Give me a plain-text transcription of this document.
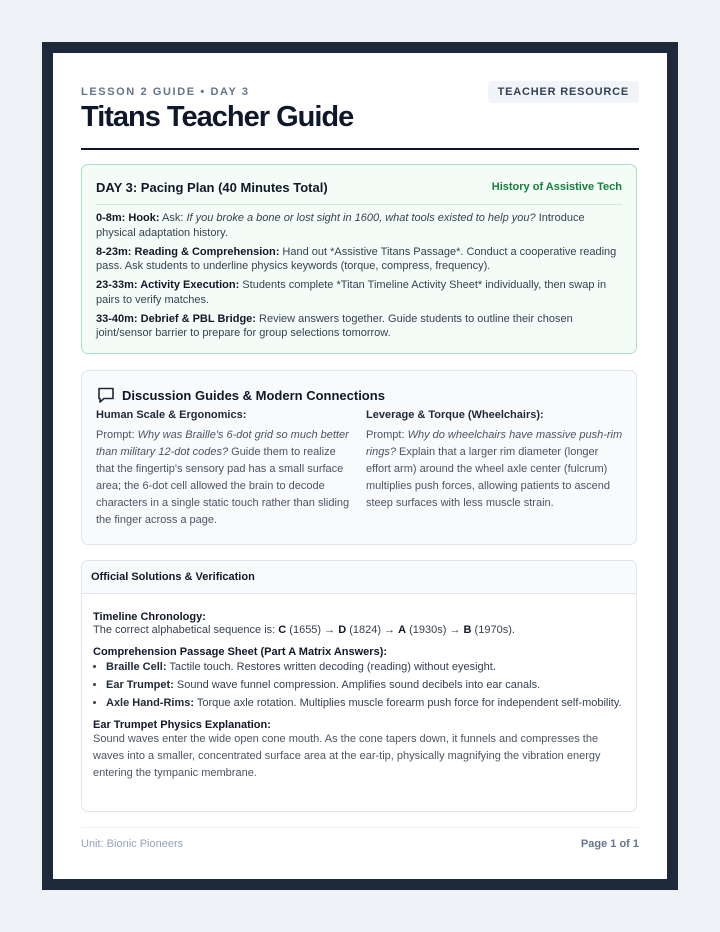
LESSON 2 GUIDE • DAY 3	TEACHER RESOURCE
Titans Teacher Guide
DAY 3: Pacing Plan (40 Minutes Total)	History of Assistive Tech
0-8m: Hook: Ask: If you broke a bone or lost sight in 1600, what tools existed to help you? Introduce physical adaptation history.
8-23m: Reading & Comprehension: Hand out *Assistive Titans Passage*. Conduct a cooperative reading pass. Ask students to underline physics keywords (torque, compress, frequency).
23-33m: Activity Execution: Students complete *Titan Timeline Activity Sheet* individually, then swap in pairs to verify matches.
33-40m: Debrief & PBL Bridge: Review answers together. Guide students to outline their chosen joint/sensor barrier to prepare for group selections tomorrow.
Discussion Guides & Modern Connections
Human Scale & Ergonomics:
Prompt: Why was Braille's 6-dot grid so much better than military 12-dot codes? Guide them to realize that the fingertip's sensory pad has a small surface area; the 6-dot cell allowed the brain to decode characters in a single static touch rather than sliding the finger across a page.
Leverage & Torque (Wheelchairs):
Prompt: Why do wheelchairs have massive push-rim rings? Explain that a larger rim diameter (longer effort arm) around the wheel axle center (fulcrum) multiplies push forces, allowing patients to ascend steep surfaces with less muscle strain.
Official Solutions & Verification
Timeline Chronology:
The correct alphabetical sequence is: C (1655) → D (1824) → A (1930s) → B (1970s).
Comprehension Passage Sheet (Part A Matrix Answers):
• Braille Cell: Tactile touch. Restores written decoding (reading) without eyesight.
• Ear Trumpet: Sound wave funnel compression. Amplifies sound decibels into ear canals.
• Axle Hand-Rims: Torque axle rotation. Multiplies muscle forearm push force for independent self-mobility.
Ear Trumpet Physics Explanation:
Sound waves enter the wide open cone mouth. As the cone tapers down, it funnels and compresses the waves into a smaller, concentrated surface area at the ear-tip, physically magnifying the vibration energy entering the tympanic membrane.
Unit: Bionic Pioneers	Page 1 of 1
